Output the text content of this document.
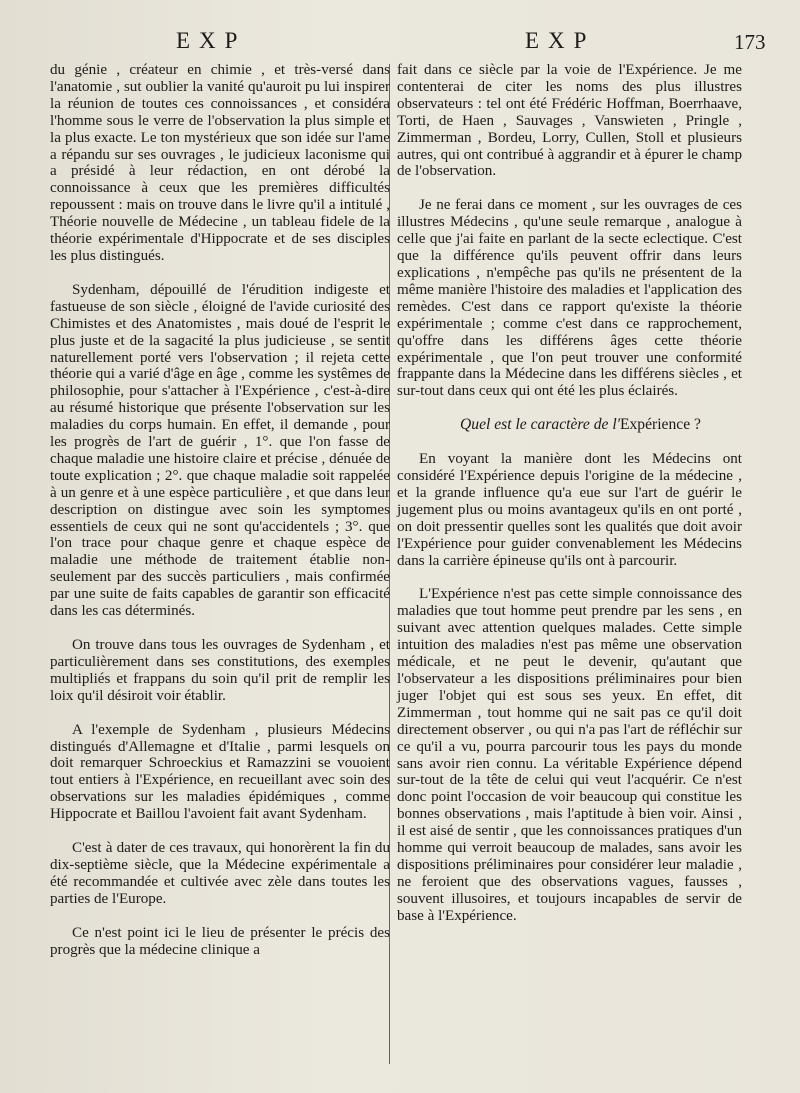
EXP	EXP	173

du génie , créateur en chimie , et très-versé dans l'anatomie , sut oublier la vanité qu'auroit pu lui inspirer la réunion de toutes ces connoissances , et considéra l'homme sous le verre de l'observation la plus simple et la plus exacte. Le ton mystérieux que son idée sur l'ame a répandu sur ses ouvrages , le judicieux laconisme qui a présidé à leur rédaction, en ont dérobé la connoissance à ceux que les premières difficultés repoussent : mais on trouve dans le livre qu'il a intitulé , Théorie nouvelle de Médecine , un tableau fidele de la théorie expérimentale d'Hippocrate et de ses disciples les plus distingués.

Sydenham, dépouillé de l'érudition indigeste et fastueuse de son siècle , éloigné de l'avide curiosité des Chimistes et des Anatomistes , mais doué de l'esprit le plus juste et de la sagacité la plus judicieuse , se sentit naturellement porté vers l'observation ; il rejeta cette théorie qui a varié d'âge en âge , comme les systêmes de philosophie, pour s'attacher à l'Expérience , c'est-à-dire au résumé historique que présente l'observation sur les maladies du corps humain. En effet, il demande , pour les progrès de l'art de guérir , 1°. que l'on fasse de chaque maladie une histoire claire et précise , dénuée de toute explication ; 2°. que chaque maladie soit rappelée à un genre et à une espèce particulière , et que dans leur description on distingue avec soin les symptomes essentiels de ceux qui ne sont qu'accidentels ; 3°. que l'on trace pour chaque genre et chaque espèce de maladie une méthode de traitement établie non-seulement par des succès particuliers , mais confirmée par une suite de faits capables de garantir son efficacité dans les cas déterminés.

On trouve dans tous les ouvrages de Sydenham , et particulièrement dans ses constitutions, des exemples multipliés et frappans du soin qu'il prit de remplir les loix qu'il désiroit voir établir.

A l'exemple de Sydenham , plusieurs Médecins distingués d'Allemagne et d'Italie , parmi lesquels on doit remarquer Schroeckius et Ramazzini se vouoient tout entiers à l'Expérience, en recueillant avec soin des observations sur les maladies épidémiques , comme Hippocrate et Baillou l'avoient fait avant Sydenham.

C'est à dater de ces travaux, qui honorèrent la fin du dix-septième siècle, que la Médecine expérimentale a été recommandée et cultivée avec zèle dans toutes les parties de l'Europe.

Ce n'est point ici le lieu de présenter le précis des progrès que la médecine clinique a

fait dans ce siècle par la voie de l'Expérience. Je me contenterai de citer les noms des plus illustres observateurs : tel ont été Frédéric Hoffman, Boerrhaave, Torti, de Haen , Sauvages , Vanswieten , Pringle , Zimmerman , Bordeu, Lorry, Cullen, Stoll et plusieurs autres, qui ont contribué à aggrandir et à épurer le champ de l'observation.

Je ne ferai dans ce moment , sur les ouvrages de ces illustres Médecins , qu'une seule remarque , analogue à celle que j'ai faite en parlant de la secte eclectique. C'est que la différence qu'ils peuvent offrir dans leurs explications , n'empêche pas qu'ils ne présentent de la même manière l'histoire des maladies et l'application des remèdes. C'est dans ce rapport qu'existe la théorie expérimentale ; comme c'est dans ce rapprochement, qu'offre dans les différens âges cette théorie expérimentale , que l'on peut trouver une conformité frappante dans la Médecine dans les différens siècles , et sur-tout dans ceux qui ont été les plus éclairés.

Quel est le caractère de l'Expérience ?

En voyant la manière dont les Médecins ont considéré l'Expérience depuis l'origine de la médecine , et la grande influence qu'a eue sur l'art de guérir le jugement plus ou moins avantageux qu'ils en ont porté , on doit pressentir quelles sont les qualités que doit avoir l'Expérience pour guider convenablement les Médecins dans la carrière épineuse qu'ils ont à parcourir.

L'Expérience n'est pas cette simple connoissance des maladies que tout homme peut prendre par les sens , en suivant avec attention quelques malades. Cette simple intuition des maladies n'est pas même une observation médicale, et ne peut le devenir, qu'autant que l'observateur a les dispositions préliminaires pour bien juger l'objet qui est sous ses yeux. En effet, dit Zimmerman , tout homme qui ne sait pas ce qu'il doit directement observer , ou qui n'a pas l'art de réfléchir sur ce qu'il a vu, pourra parcourir tous les pays du monde sans avoir rien connu. La véritable Expérience dépend sur-tout de la tête de celui qui veut l'acquérir. Ce n'est donc point l'occasion de voir beaucoup qui constitue les bonnes observations , mais l'aptitude à bien voir. Ainsi , il est aisé de sentir , que les connoissances pratiques d'un homme qui verroit beaucoup de malades, sans avoir les dispositions préliminaires pour considérer leur maladie , ne feroient que des observations vagues, fausses , souvent illusoires, et toujours incapables de servir de base à l'Expérience.
